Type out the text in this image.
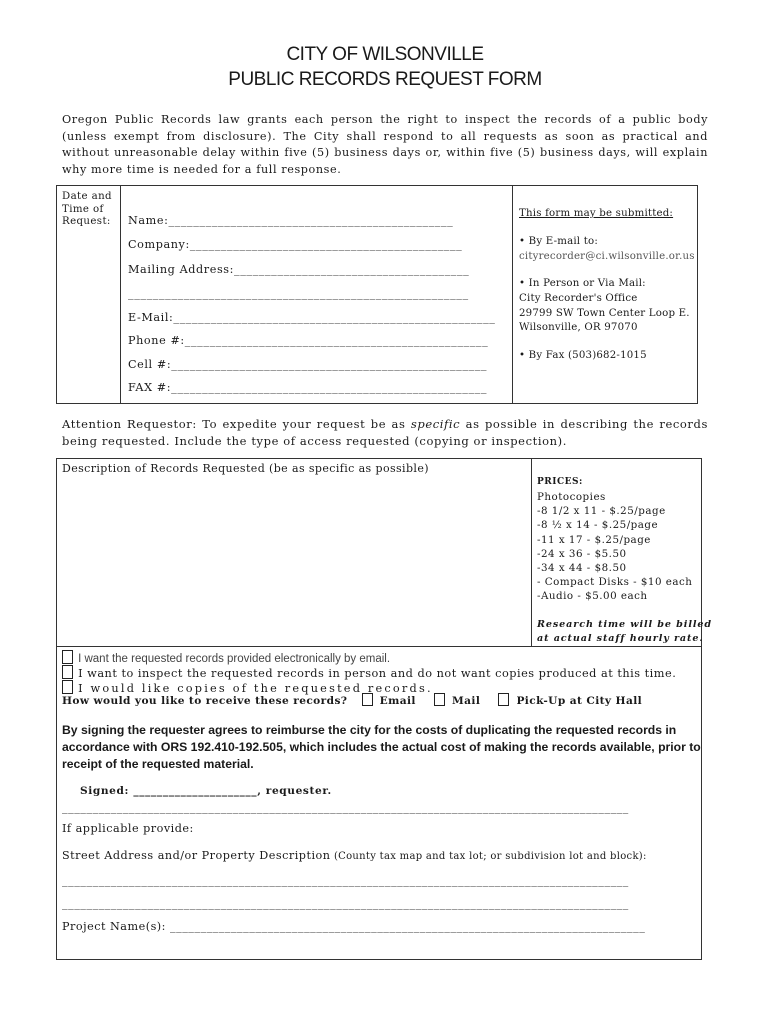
CITY OF WILSONVILLE
PUBLIC RECORDS REQUEST FORM
Oregon Public Records law grants each person the right to inspect the records of a public body (unless exempt from disclosure). The City shall respond to all requests as soon as practical and without unreasonable delay within five (5) business days or, within five (5) business days, will explain why more time is needed for a full response.
Date and Time of Request:	Name:______________________________________________
Company:____________________________________________
Mailing Address:______________________________________
_______________________________________________________
E-Mail:____________________________________________________
Phone #:_________________________________________________
Cell #:___________________________________________________
FAX #:___________________________________________________
This form may be submitted:
• By E-mail to:
cityrecorder@ci.wilsonville.or.us
• In Person or Via Mail:
City Recorder's Office
29799 SW Town Center Loop E.
Wilsonville, OR 97070
• By Fax (503)682-1015
Attention Requestor: To expedite your request be as specific as possible in describing the records being requested. Include the type of access requested (copying or inspection).
Description of Records Requested (be as specific as possible)
PRICES:
Photocopies
-8 1/2 x 11 - $.25/page
-8 ½ x 14 - $.25/page
-11 x 17 - $.25/page
-24 x 36 - $5.50
-34 x 44 - $8.50
- Compact Disks - $10 each
-Audio - $5.00 each
Research time will be billed
at actual staff hourly rate.
I want the requested records provided electronically by email.
I want to inspect the requested records in person and do not want copies produced at this time.
I would like copies of the requested records.
How would you like to receive these records?	Email	Mail	Pick-Up at City Hall
By signing the requester agrees to reimburse the city for the costs of duplicating the requested records in accordance with ORS 192.410-192.505, which includes the actual cost of making the records available, prior to receipt of the requested material.
Signed: _____________________, requester.
_____________________________________________________________________________________________
If applicable provide:
Street Address and/or Property Description (County tax map and tax lot; or subdivision lot and block):
_____________________________________________________________________________________________
_____________________________________________________________________________________________
Project Name(s): ______________________________________________________________________________
